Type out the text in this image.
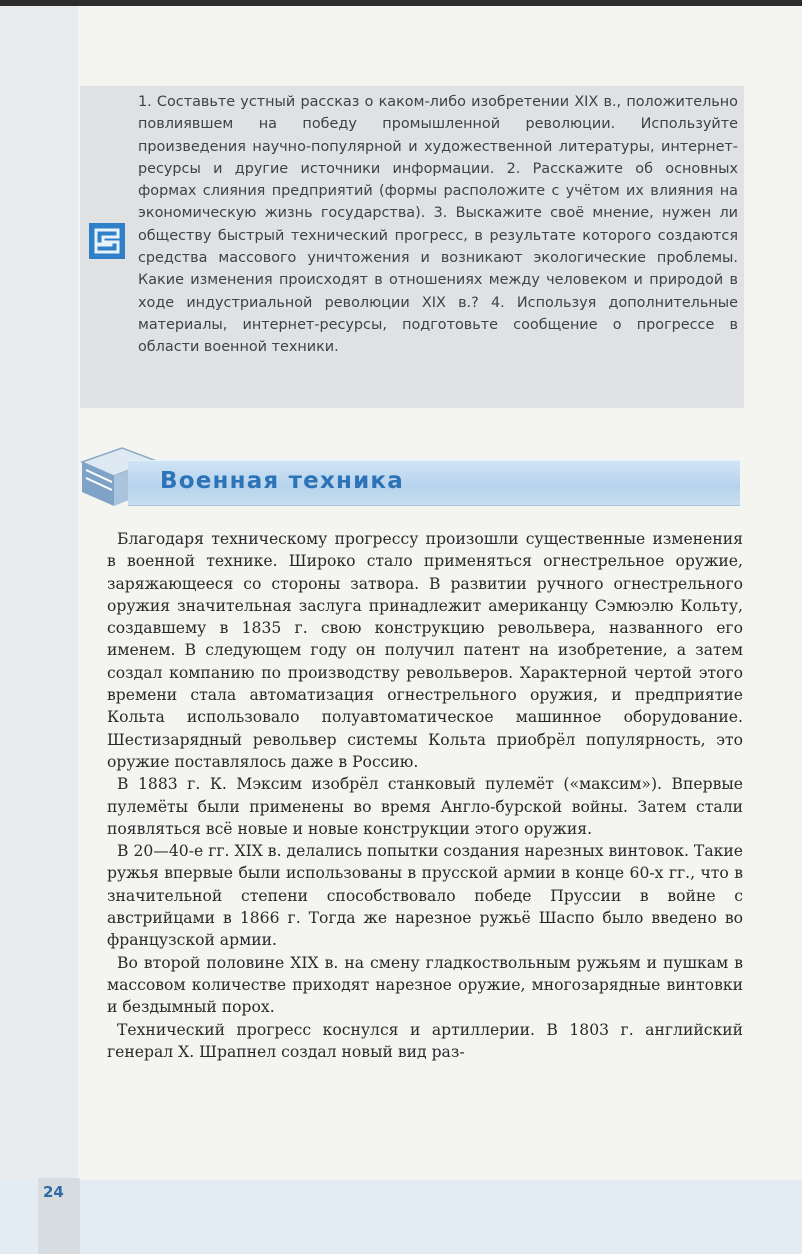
24

1. Составьте устный рассказ о каком-либо изобретении XIX в., положительно повлиявшем на победу промышленной революции. Используйте произведения научно-популярной и художественной литературы, интернет-ресурсы и другие источники информации. 2. Расскажите об основных формах слияния предприятий (формы расположите с учётом их влияния на экономическую жизнь государства). 3. Выскажите своё мнение, нужен ли обществу быстрый технический прогресс, в результате которого создаются средства массового уничтожения и возникают экологические проблемы. Какие изменения происходят в отношениях между человеком и природой в ходе индустриальной революции XIX в.? 4. Используя дополнительные материалы, интернет-ресурсы, подготовьте сообщение о прогрессе в области военной техники.

Военная техника

Благодаря техническому прогрессу произошли существенные изменения в военной технике. Широко стало применяться огнестрельное оружие, заряжающееся со стороны затвора. В развитии ручного огнестрельного оружия значительная заслуга принадлежит американцу Сэмюэлю Кольту, создавшему в 1835 г. свою конструкцию револьвера, названного его именем. В следующем году он получил патент на изобретение, а затем создал компанию по производству револьверов. Характерной чертой этого времени стала автоматизация огнестрельного оружия, и предприятие Кольта использовало полуавтоматическое машинное оборудование. Шестизарядный револьвер системы Кольта приобрёл популярность, это оружие поставлялось даже в Россию.

В 1883 г. К. Мэксим изобрёл станковый пулемёт («максим»). Впервые пулемёты были применены во время Англо-бурской войны. Затем стали появляться всё новые и новые конструкции этого оружия.

В 20—40-е гг. XIX в. делались попытки создания нарезных винтовок. Такие ружья впервые были использованы в прусской армии в конце 60-х гг., что в значительной степени способствовало победе Пруссии в войне с австрийцами в 1866 г. Тогда же нарезное ружьё Шаспо было введено во французской армии.

Во второй половине XIX в. на смену гладкоствольным ружьям и пушкам в массовом количестве приходят нарезное оружие, многозарядные винтовки и бездымный порох.

Технический прогресс коснулся и артиллерии. В 1803 г. английский генерал Х. Шрапнел создал новый вид раз-
